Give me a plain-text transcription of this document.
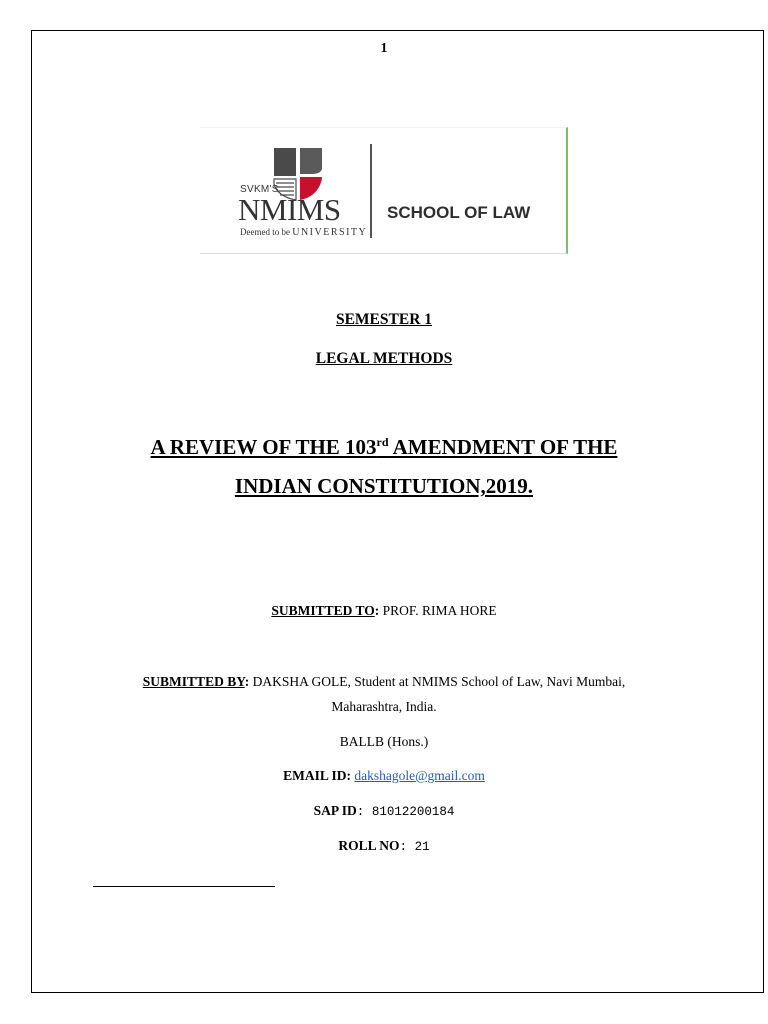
1
SVKM'S
NMIMS
Deemed to be UNIVERSITY
SCHOOL OF LAW
SEMESTER 1
LEGAL METHODS
A REVIEW OF THE 103rd AMENDMENT OF THE
INDIAN CONSTITUTION,2019.
SUBMITTED TO: PROF. RIMA HORE
SUBMITTED BY: DAKSHA GOLE, Student at NMIMS School of Law, Navi Mumbai,
Maharashtra, India.
BALLB (Hons.)
EMAIL ID: dakshagole@gmail.com
SAP ID: 81012200184
ROLL NO: 21
